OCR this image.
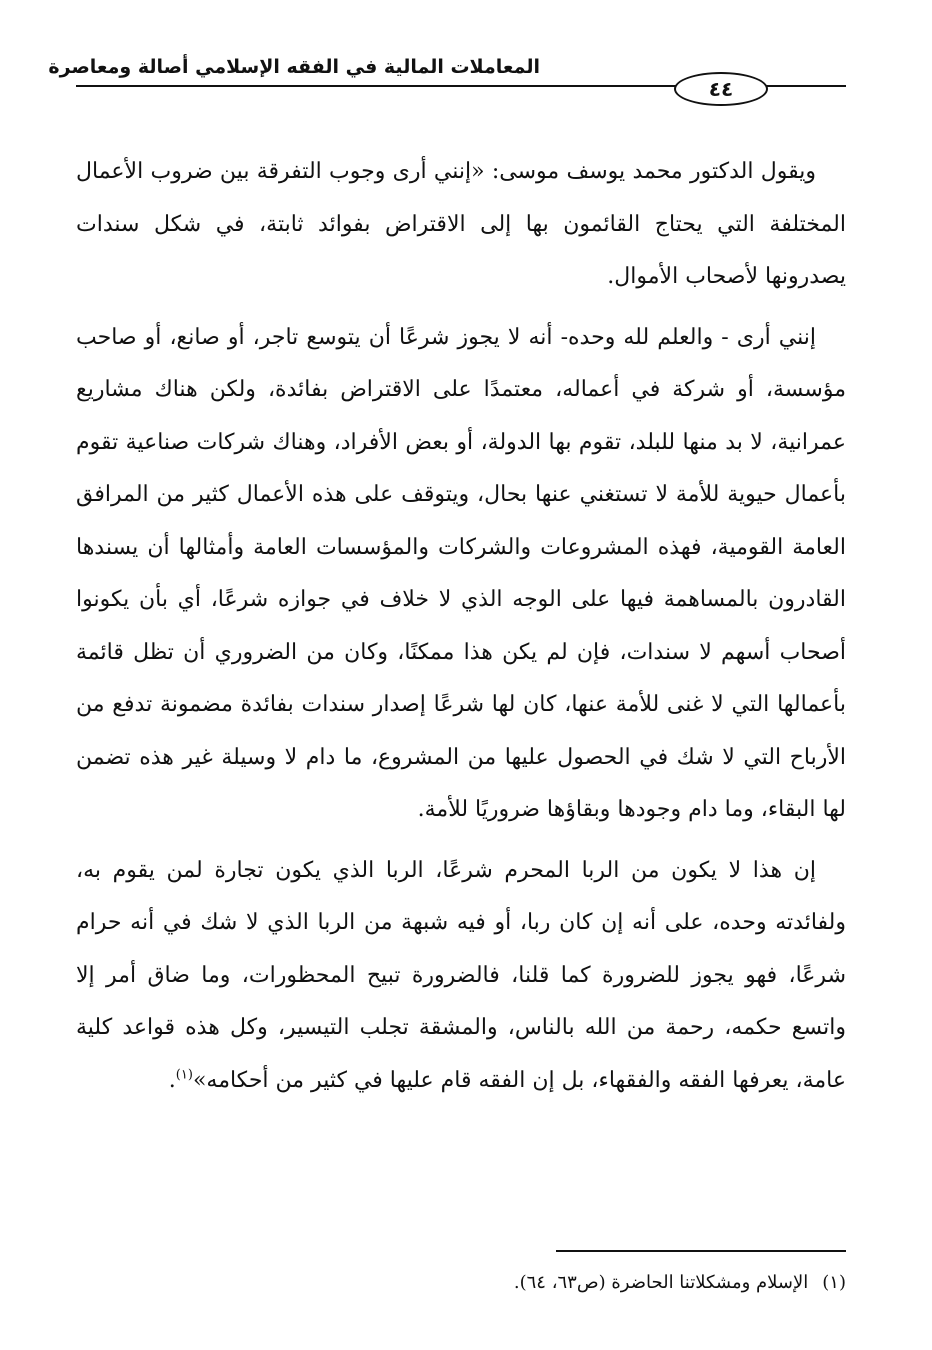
المعاملات المالية في الفقه الإسلامي أصالة ومعاصرة
٤٤

ويقول الدكتور محمد يوسف موسى: «إنني أرى وجوب التفرقة بين ضروب الأعمال المختلفة التي يحتاج القائمون بها إلى الاقتراض بفوائد ثابتة، في شكل سندات يصدرونها لأصحاب الأموال.

إنني أرى - والعلم لله وحده- أنه لا يجوز شرعًا أن يتوسع تاجر، أو صانع، أو صاحب مؤسسة، أو شركة في أعماله، معتمدًا على الاقتراض بفائدة، ولكن هناك مشاريع عمرانية، لا بد منها للبلد، تقوم بها الدولة، أو بعض الأفراد، وهناك شركات صناعية تقوم بأعمال حيوية للأمة لا تستغني عنها بحال، ويتوقف على هذه الأعمال كثير من المرافق العامة القومية، فهذه المشروعات والشركات والمؤسسات العامة وأمثالها أن يسندها القادرون بالمساهمة فيها على الوجه الذي لا خلاف في جوازه شرعًا، أي بأن يكونوا أصحاب أسهم لا سندات، فإن لم يكن هذا ممكنًا، وكان من الضروري أن تظل قائمة بأعمالها التي لا غنى للأمة عنها، كان لها شرعًا إصدار سندات بفائدة مضمونة تدفع من الأرباح التي لا شك في الحصول عليها من المشروع، ما دام لا وسيلة غير هذه تضمن لها البقاء، وما دام وجودها وبقاؤها ضروريًا للأمة.

إن هذا لا يكون من الربا المحرم شرعًا، الربا الذي يكون تجارة لمن يقوم به، ولفائدته وحده، على أنه إن كان ربا، أو فيه شبهة من الربا الذي لا شك في أنه حرام شرعًا، فهو يجوز للضرورة كما قلنا، فالضرورة تبيح المحظورات، وما ضاق أمر إلا واتسع حكمه، رحمة من الله بالناس، والمشقة تجلب التيسير، وكل هذه قواعد كلية عامة، يعرفها الفقه والفقهاء، بل إن الفقه قام عليها في كثير من أحكامه»$^{(١)}$.

(١)الإسلام ومشكلاتنا الحاضرة (ص٦٣، ٦٤).
